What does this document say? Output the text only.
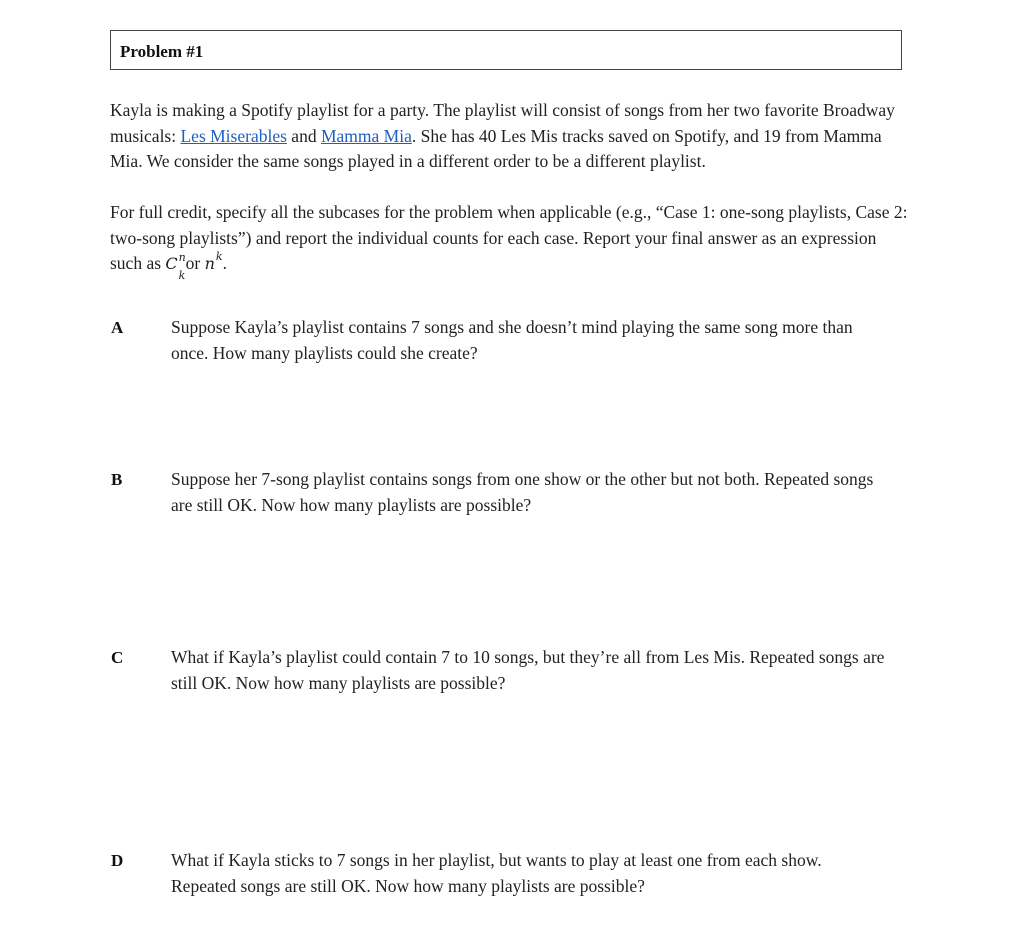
Problem #1
Kayla is making a Spotify playlist for a party. The playlist will consist of songs from her two favorite Broadway musicals: Les Miserables and Mamma Mia. She has 40 Les Mis tracks saved on Spotify, and 19 from Mamma Mia. We consider the same songs played in a different order to be a different playlist.
For full credit, specify all the subcases for the problem when applicable (e.g., “Case 1: one-song playlists, Case 2: two-song playlists”) and report the individual counts for each case. Report your final answer as an expression such as C n
k
or $n^k$.
A	Suppose Kayla’s playlist contains 7 songs and she doesn’t mind playing the same song more than once. How many playlists could she create?
B	Suppose her 7-song playlist contains songs from one show or the other but not both. Repeated songs are still OK. Now how many playlists are possible?
C	What if Kayla’s playlist could contain 7 to 10 songs, but they’re all from Les Mis. Repeated songs are still OK. Now how many playlists are possible?
D	What if Kayla sticks to 7 songs in her playlist, but wants to play at least one from each show. Repeated songs are still OK. Now how many playlists are possible?
